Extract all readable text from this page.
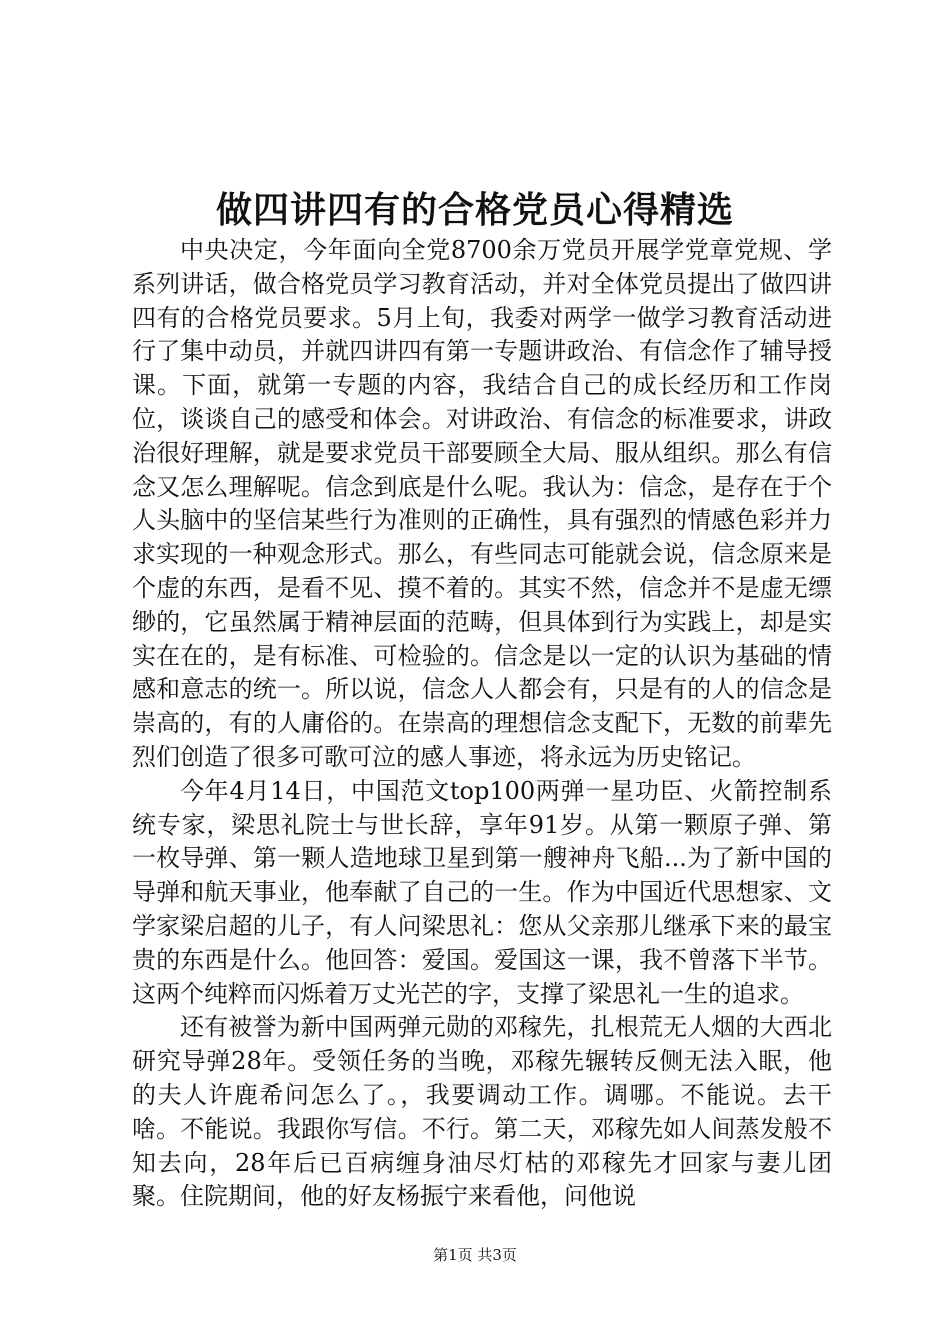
做四讲四有的合格党员心得精选

中央决定，今年面向全党8700余万党员开展学党章党规、学系列讲话，做合格党员学习教育活动，并对全体党员提出了做四讲四有的合格党员要求。5月上旬，我委对两学一做学习教育活动进行了集中动员，并就四讲四有第一专题讲政治、有信念作了辅导授课。下面，就第一专题的内容，我结合自己的成长经历和工作岗位，谈谈自己的感受和体会。对讲政治、有信念的标准要求，讲政治很好理解，就是要求党员干部要顾全大局、服从组织。那么有信念又怎么理解呢。信念到底是什么呢。我认为：信念，是存在于个人头脑中的坚信某些行为准则的正确性，具有强烈的情感色彩并力求实现的一种观念形式。那么，有些同志可能就会说，信念原来是个虚的东西，是看不见、摸不着的。其实不然，信念并不是虚无缥缈的，它虽然属于精神层面的范畴，但具体到行为实践上，却是实实在在的，是有标准、可检验的。信念是以一定的认识为基础的情感和意志的统一。所以说，信念人人都会有，只是有的人的信念是崇高的，有的人庸俗的。在崇高的理想信念支配下，无数的前辈先烈们创造了很多可歌可泣的感人事迹，将永远为历史铭记。

今年4月14日，中国范文top100两弹一星功臣、火箭控制系统专家，梁思礼院士与世长辞，享年91岁。从第一颗原子弹、第一枚导弹、第一颗人造地球卫星到第一艘神舟飞船...为了新中国的导弹和航天事业，他奉献了自己的一生。作为中国近代思想家、文学家梁启超的儿子，有人问梁思礼：您从父亲那儿继承下来的最宝贵的东西是什么。他回答：爱国。爱国这一课，我不曾落下半节。这两个纯粹而闪烁着万丈光芒的字，支撑了梁思礼一生的追求。

还有被誉为新中国两弹元勋的邓稼先，扎根荒无人烟的大西北研究导弹28年。受领任务的当晚，邓稼先辗转反侧无法入眠，他的夫人许鹿希问怎么了。，我要调动工作。调哪。不能说。去干啥。不能说。我跟你写信。不行。第二天，邓稼先如人间蒸发般不知去向，28年后已百病缠身油尽灯枯的邓稼先才回家与妻儿团聚。住院期间，他的好友杨振宁来看他，问他说

第1页 共3页
